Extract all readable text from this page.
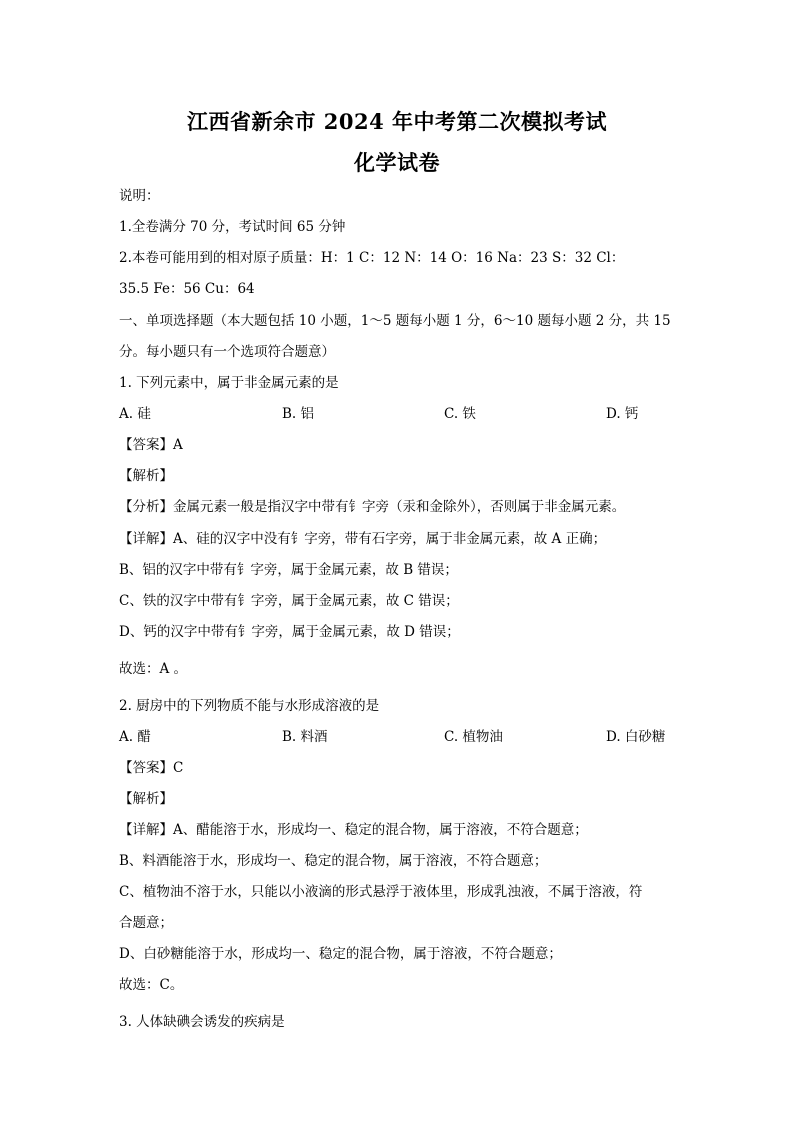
江西省新余市 2024 年中考第二次模拟考试
化学试卷
说明：
1.全卷满分 70 分，考试时间 65 分钟
2.本卷可能用到的相对原子质量：H：1 C：12 N：14 O：16 Na：23 S：32 Cl：
35.5 Fe：56 Cu：64
一、单项选择题（本大题包括 10 小题，1～5 题每小题 1 分，6～10 题每小题 2 分，共 15
分。每小题只有一个选项符合题意）
1. 下列元素中，属于非金属元素的是
A. 硅	B. 铝	C. 铁	D. 钙
【答案】A
【解析】
【分析】金属元素一般是指汉字中带有钅字旁（汞和金除外），否则属于非金属元素。
【详解】A、硅的汉字中没有钅字旁，带有石字旁，属于非金属元素，故 A 正确；
B、铝的汉字中带有钅字旁，属于金属元素，故 B 错误；
C、铁的汉字中带有钅字旁，属于金属元素，故 C 错误；
D、钙的汉字中带有钅字旁，属于金属元素，故 D 错误；
故选：A 。
2. 厨房中的下列物质不能与水形成溶液的是
A. 醋	B. 料酒	C. 植物油	D. 白砂糖
【答案】C
【解析】
【详解】A、醋能溶于水，形成均一、稳定的混合物，属于溶液，不符合题意；
B、料酒能溶于水，形成均一、稳定的混合物，属于溶液，不符合题意；
C、植物油不溶于水，只能以小液滴的形式悬浮于液体里，形成乳浊液，不属于溶液，符
合题意；
D、白砂糖能溶于水，形成均一、稳定的混合物，属于溶液，不符合题意；
故选：C。
3. 人体缺碘会诱发的疾病是
